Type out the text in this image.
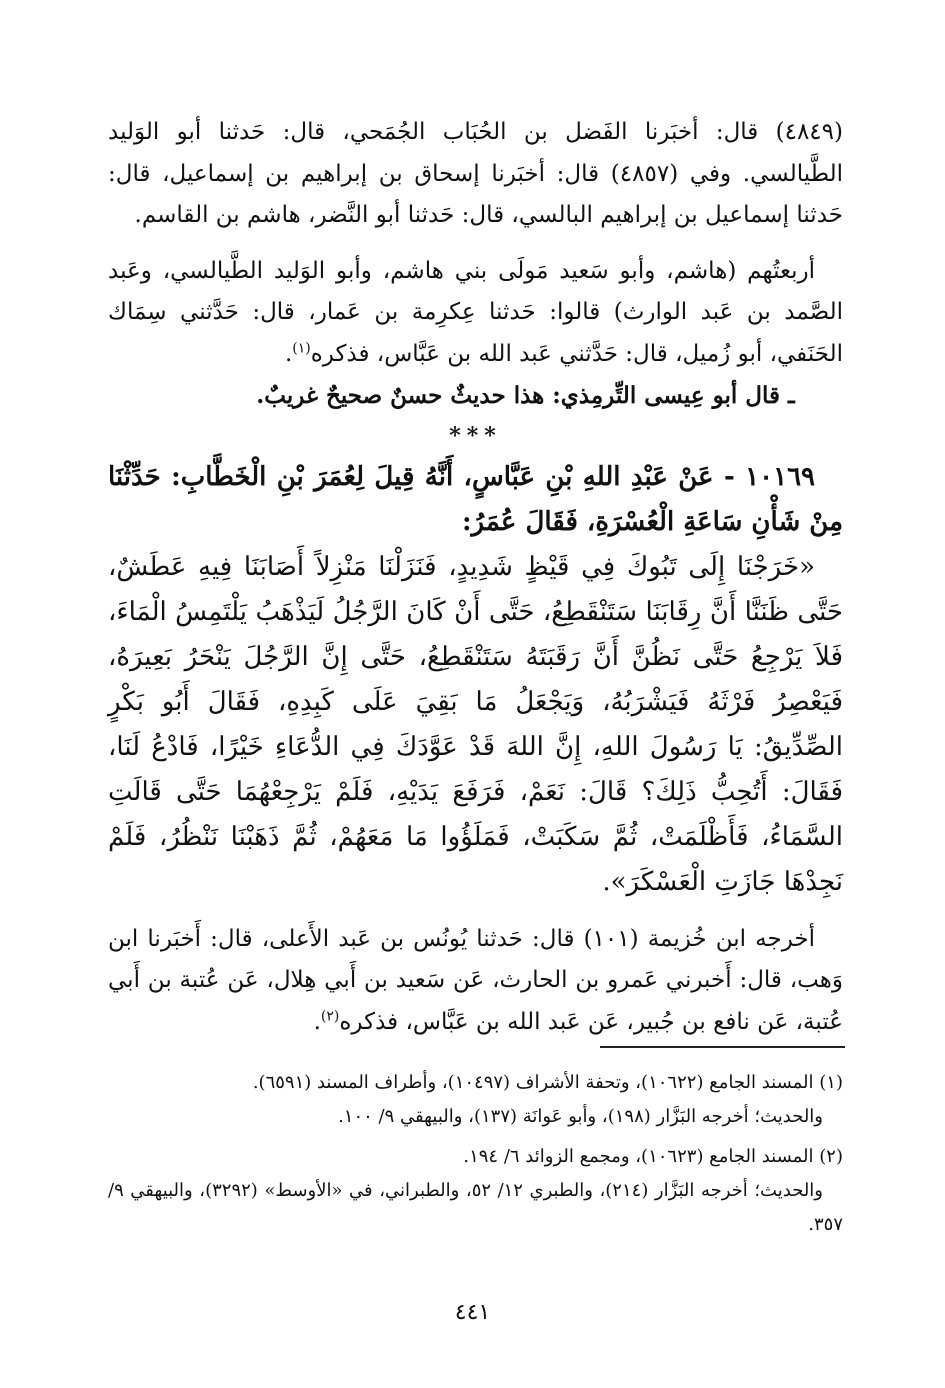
(٤٨٤٩) قال: أخبَرنا الفَضل بن الحُبَاب الجُمَحي، قال: حَدثنا أبو الوَليد الطَّيالسي. وفي (٤٨٥٧) قال: أخبَرنا إسحاق بن إبراهيم بن إسماعيل، قال: حَدثنا إسماعيل بن إبراهيم البالسي، قال: حَدثنا أبو النَّضر، هاشم بن القاسم.

أربعتُهم (هاشم، وأبو سَعيد مَولَى بني هاشم، وأبو الوَليد الطَّيالسي، وعَبد الصَّمد بن عَبد الوارث) قالوا: حَدثنا عِكرِمة بن عَمار، قال: حَدَّثني سِمَاك الحَنَفي، أبو زُميل، قال: حَدَّثني عَبد الله بن عَبَّاس، فذكره$^{(١)}$.

ـ قال أبو عِيسى التِّرمِذي: هذا حديثٌ حسنٌ صحيحٌ غريبٌ.

***

١٠١٦٩ - عَنْ عَبْدِ اللهِ بْنِ عَبَّاسٍ، أَنَّهُ قِيلَ لِعُمَرَ بْنِ الْخَطَّابِ: حَدِّثْنَا مِنْ شَأْنِ سَاعَةِ الْعُسْرَةِ، فَقَالَ عُمَرُ:

«خَرَجْنَا إِلَى تَبُوكَ فِي قَيْظٍ شَدِيدٍ، فَنَزَلْنَا مَنْزِلاً أَصَابَنَا فِيهِ عَطَشٌ، حَتَّى ظَنَنَّا أَنَّ رِقَابَنَا سَتَنْقَطِعُ، حَتَّى أَنْ كَانَ الرَّجُلُ لَيَذْهَبُ يَلْتَمِسُ الْمَاءَ، فَلاَ يَرْجِعُ حَتَّى نَظُنَّ أَنَّ رَقَبَتَهُ سَتَنْقَطِعُ، حَتَّى إِنَّ الرَّجُلَ يَنْحَرُ بَعِيرَهُ، فَيَعْصِرُ فَرْثَهُ فَيَشْرَبُهُ، وَيَجْعَلُ مَا بَقِيَ عَلَى كَبِدِهِ، فَقَالَ أَبُو بَكْرٍ الصِّدِّيقُ: يَا رَسُولَ اللهِ، إِنَّ اللهَ قَدْ عَوَّدَكَ فِي الدُّعَاءِ خَيْرًا، فَادْعُ لَنَا، فَقَالَ: أَتُحِبُّ ذَلِكَ؟ قَالَ: نَعَمْ، فَرَفَعَ يَدَيْهِ، فَلَمْ يَرْجِعْهُمَا حَتَّى قَالَتِ السَّمَاءُ، فَأَظْلَمَتْ، ثُمَّ سَكَبَتْ، فَمَلَؤُوا مَا مَعَهُمْ، ثُمَّ ذَهَبْنَا نَنْظُرُ، فَلَمْ نَجِدْهَا جَازَتِ الْعَسْكَرَ».

أخرجه ابن خُزيمة (١٠١) قال: حَدثنا يُونُس بن عَبد الأَعلى، قال: أَخبَرنا ابن وَهب، قال: أَخبرني عَمرو بن الحارث، عَن سَعيد بن أَبي هِلال، عَن عُتبة بن أَبي عُتبة، عَن نافع بن جُبير، عَن عَبد الله بن عَبَّاس، فذكره$^{(٢)}$.

(١) المسند الجامع (١٠٦٢٢)، وتحفة الأشراف (١٠٤٩٧)، وأطراف المسند (٦٥٩١).

والحديث؛ أخرجه البَزَّار (١٩٨)، وأبو عَوانَة (١٣٧)، والبيهقي ٩/ ١٠٠.

(٢) المسند الجامع (١٠٦٢٣)، ومجمع الزوائد ٦/ ١٩٤.

والحديث؛ أخرجه البَزَّار (٢١٤)، والطبري ١٢/ ٥٢، والطبراني، في «الأوسط» (٣٢٩٢)، والبيهقي ٩/ ٣٥٧.

٤٤١
